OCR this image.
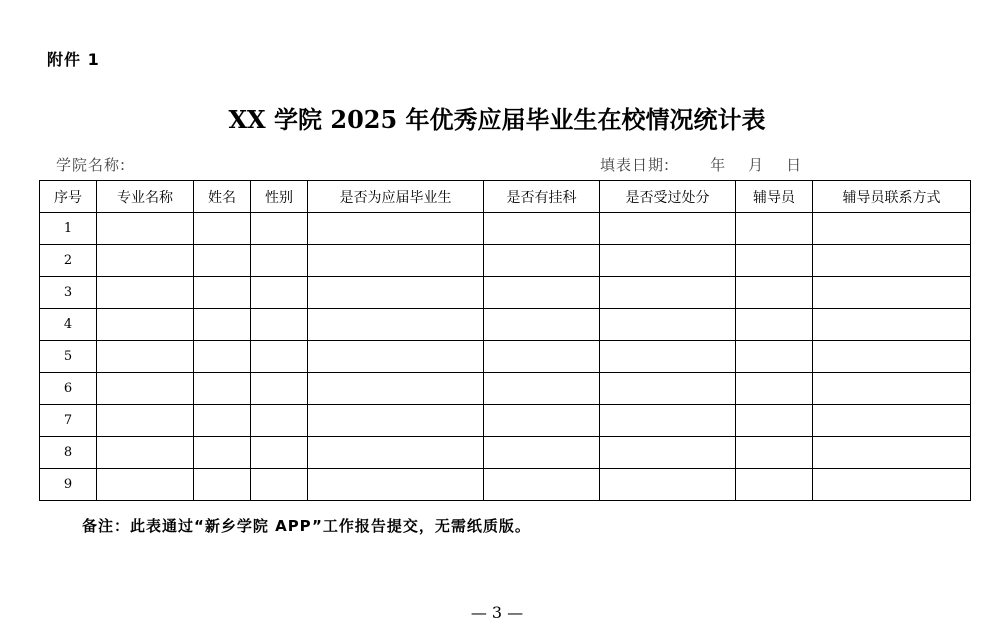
附件 1
XX 学院 2025 年优秀应届毕业生在校情况统计表
学院名称:	填表日期:	年 月 日
序号	专业名称	姓名	性别	是否为应届毕业生	是否有挂科	是否受过处分	辅导员	辅导员联系方式
1								
2								
3								
4								
5								
6								
7								
8								
9								
备注：此表通过“新乡学院 APP”工作报告提交，无需纸质版。
— 3 —
